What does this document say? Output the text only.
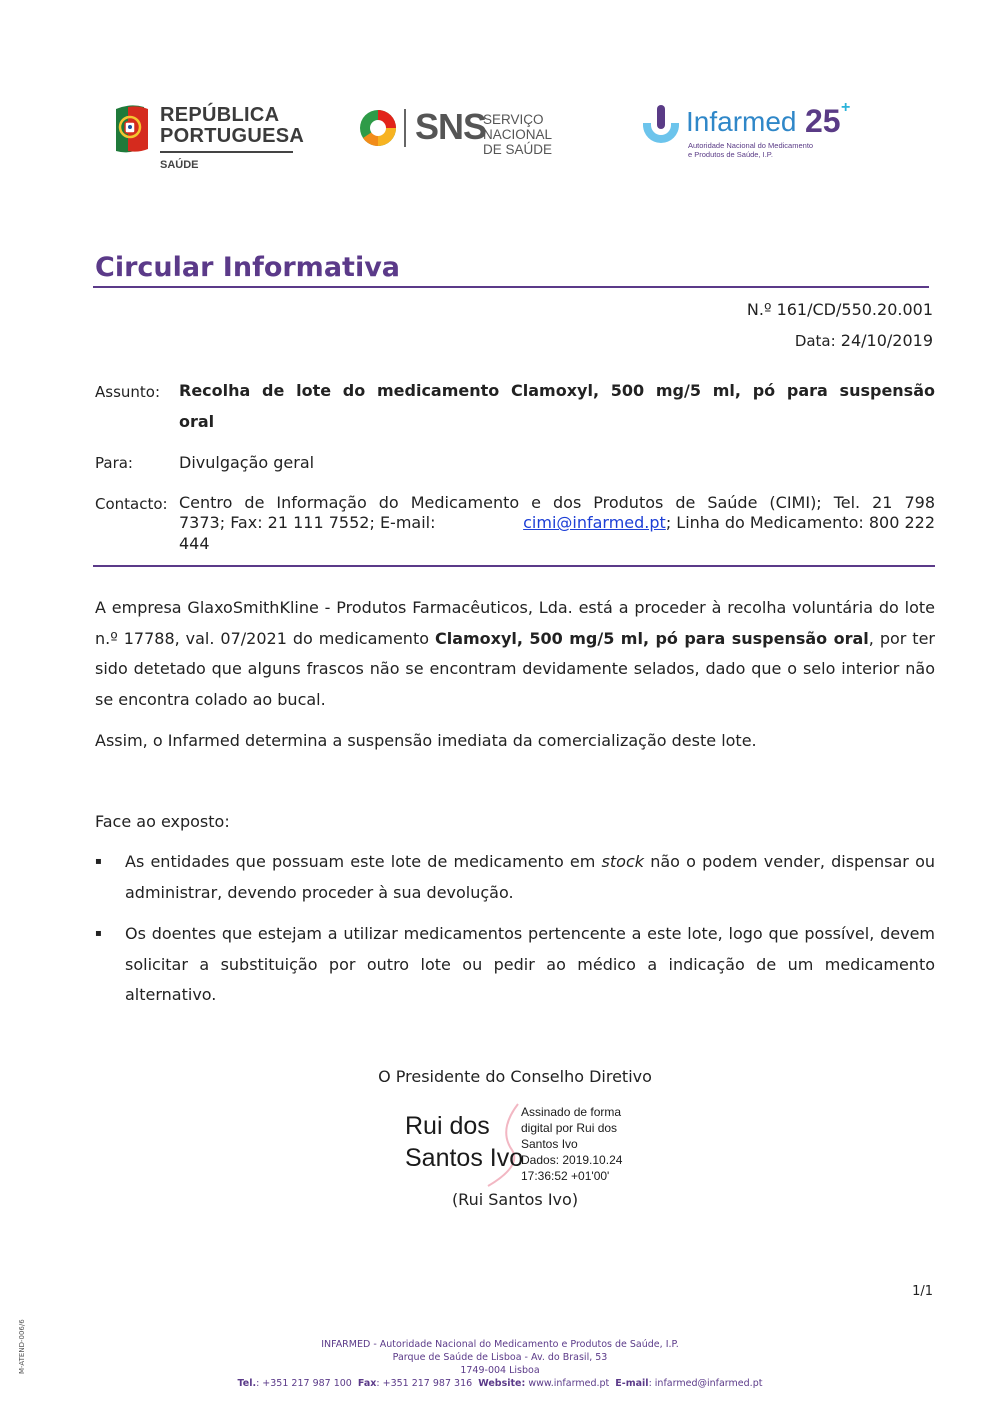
REPÚBLICA
PORTUGUESA
SAÚDE
SNS
SERVIÇO NACIONAL
DE SAÚDE
Infarmed 25 +
Autoridade Nacional do Medicamento
e Produtos de Saúde, I.P.
Circular Informativa
N.º 161/CD/550.20.001
Data: 24/10/2019
Assunto: Recolha de lote do medicamento Clamoxyl, 500 mg/5 ml, pó para suspensão
oral
Para:	Divulgação geral
Contacto: Centro de Informação do Medicamento e dos Produtos de Saúde (CIMI); Tel. 21 798
7373; Fax: 21 111 7552; E-mail:	cimi@infarmed.pt; Linha do Medicamento: 800 222
444
A empresa GlaxoSmithKline - Produtos Farmacêuticos, Lda. está a proceder à recolha voluntária do lote n.º 17788, val. 07/2021 do medicamento Clamoxyl, 500 mg/5 ml, pó para suspensão oral, por ter sido detetado que alguns frascos não se encontram devidamente selados, dado que o selo interior não se encontra colado ao bucal.
Assim, o Infarmed determina a suspensão imediata da comercialização deste lote.
Face ao exposto:
▪ As entidades que possuam este lote de medicamento em stock não o podem vender, dispensar ou administrar, devendo proceder à sua devolução.
▪ Os doentes que estejam a utilizar medicamentos pertencente a este lote, logo que possível, devem solicitar a substituição por outro lote ou pedir ao médico a indicação de um medicamento alternativo.
O Presidente do Conselho Diretivo
Rui dos
Santos Ivo
Assinado de forma
digital por Rui dos
Santos Ivo
Dados: 2019.10.24
17:36:52 +01'00'
(Rui Santos Ivo)
1/1
M-ATEND-006/6	INFARMED - Autoridade Nacional do Medicamento e Produtos de Saúde, I.P.
Parque de Saúde de Lisboa - Av. do Brasil, 53
1749-004 Lisboa
Tel.: +351 217 987 100 Fax: +351 217 987 316 Website: www.infarmed.pt E-mail: infarmed@infarmed.pt
